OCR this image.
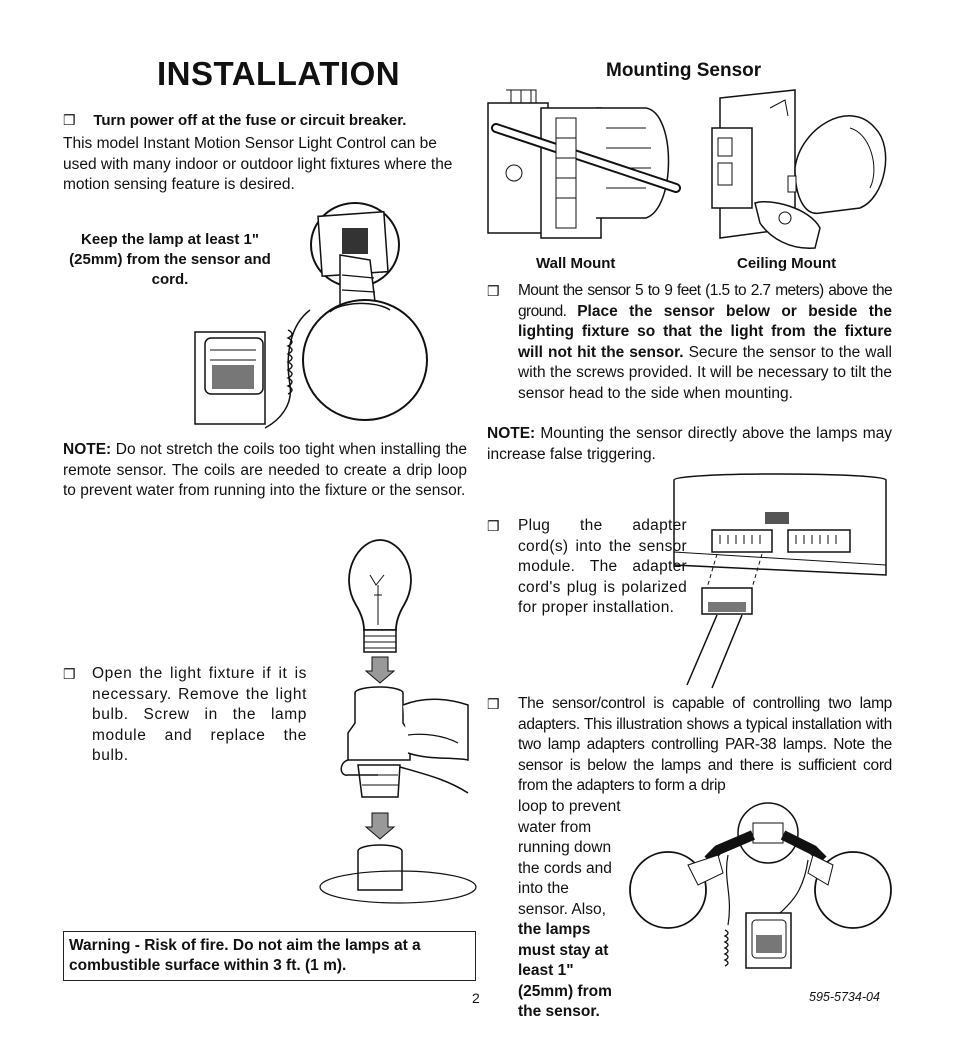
INSTALLATION
❒ Turn power off at the fuse or circuit breaker.
This model Instant Motion Sensor Light Control can be used with many indoor or outdoor light fixtures where the motion sensing feature is desired.
Keep the lamp at least 1" (25mm) from the sensor and cord.
NOTE: Do not stretch the coils too tight when installing the remote sensor. The coils are needed to create a drip loop to prevent water from running into the fixture or the sensor.
❒	Open the light fixture if it is necessary. Remove the light bulb. Screw in the lamp module and replace the bulb.
Warning - Risk of fire. Do not aim the lamps at a combustible surface within 3 ft. (1 m).
Mounting Sensor
Wall Mount	Ceiling Mount
❒	Mount the sensor 5 to 9 feet (1.5 to 2.7 meters) above the ground. Place the sensor below or beside the lighting fixture so that the light from the fixture will not hit the sensor. Secure the sensor to the wall with the screws provided. It will be necessary to tilt the sensor head to the side when mounting.
NOTE: Mounting the sensor directly above the lamps may increase false triggering.
❒	Plug the adapter cord(s) into the sensor module. The adapter cord's plug is polarized for proper installation.
❒	The sensor/control is capable of controlling two lamp adapters. This illustration shows a typical installation with two lamp adapters controlling PAR-38 lamps. Note the sensor is below the lamps and there is sufficient cord from the adapters to form a drip
loop to prevent water from running down the cords and into the sensor. Also, the lamps must stay at least 1" (25mm) from the sensor.
2	595-5734-04
